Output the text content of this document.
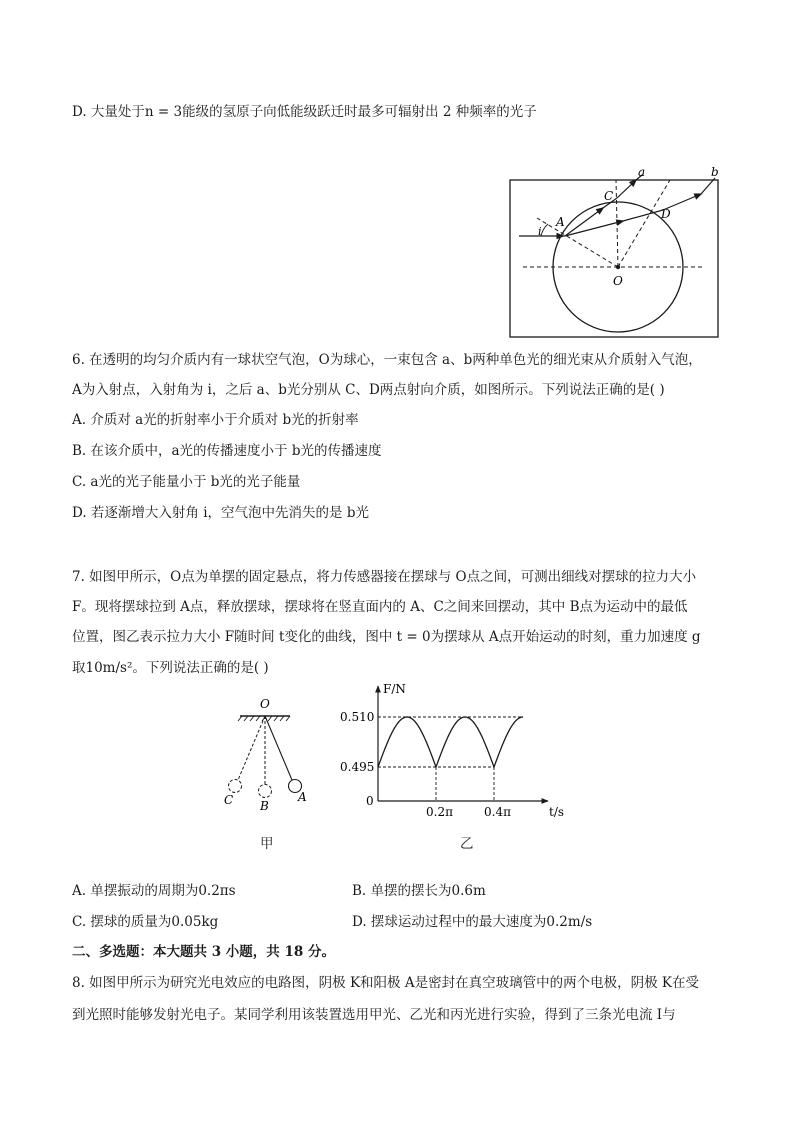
D. 大量处于n = 3能级的氢原子向低能级跃迁时最多可辐射出 2 种频率的光子
a	b
C
D
A
i
O
6. 在透明的均匀介质内有一球状空气泡，O为球心，一束包含 a、b两种单色光的细光束从介质射入气泡，
A为入射点，入射角为 i，之后 a、b光分别从 C、D两点射向介质，如图所示。下列说法正确的是( )
A. 介质对 a光的折射率小于介质对 b光的折射率
B. 在该介质中，a光的传播速度小于 b光的传播速度
C. a光的光子能量小于 b光的光子能量
D. 若逐渐增大入射角 i，空气泡中先消失的是 b光
7. 如图甲所示，O点为单摆的固定悬点，将力传感器接在摆球与 O点之间，可测出细线对摆球的拉力大小
F。现将摆球拉到 A点，释放摆球，摆球将在竖直面内的 A、C之间来回摆动，其中 B点为运动中的最低
位置，图乙表示拉力大小 F随时间 t变化的曲线，图中 t = 0为摆球从 A点开始运动的时刻，重力加速度 g
取10m/s²。下列说法正确的是( )
O
A
B
C
甲
F/N
t/s
0
0.495
0.510
0.2π	0.4π
乙
A. 单摆振动的周期为0.2πs	B. 单摆的摆长为0.6m
C. 摆球的质量为0.05kg	D. 摆球运动过程中的最大速度为0.2m/s
二、多选题：本大题共 3 小题，共 18 分。
8. 如图甲所示为研究光电效应的电路图，阴极 K和阳极 A是密封在真空玻璃管中的两个电极，阴极 K在受
到光照时能够发射光电子。某同学利用该装置选用甲光、乙光和丙光进行实验，得到了三条光电流 I与
